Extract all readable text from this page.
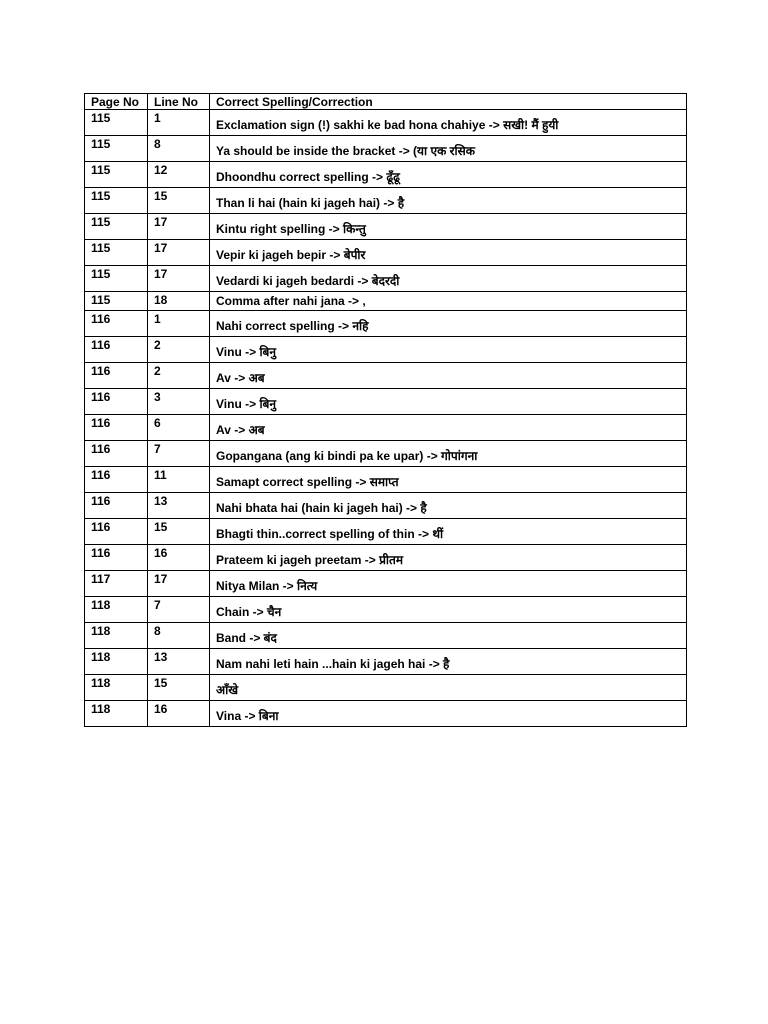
Page No	Line No	Correct Spelling/Correction
115	1	Exclamation sign (!) sakhi ke bad hona chahiye -> सखी! मैं हुयी
115	8	Ya should be inside the bracket -> (या एक रसिक
115	12	Dhoondhu correct spelling -> ढूँढू
115	15	Than li hai (hain ki jageh hai) -> है
115	17	Kintu right spelling -> किन्तु
115	17	Vepir ki jageh bepir -> बेपीर
115	17	Vedardi ki jageh bedardi -> बेदरदी
115	18	Comma after nahi jana -> ,
116	1	Nahi correct spelling -> नहि
116	2	Vinu -> बिनु
116	2	Av -> अब
116	3	Vinu -> बिनु
116	6	Av -> अब
116	7	Gopangana (ang ki bindi pa ke upar) -> गोपांगना
116	11	Samapt correct spelling -> समाप्त
116	13	Nahi bhata hai (hain ki jageh hai) -> है
116	15	Bhagti thin..correct spelling of thin -> थीं
116	16	Prateem ki jageh preetam -> प्रीतम
117	17	Nitya Milan -> नित्य
118	7	Chain -> चैन
118	8	Band -> बंद
118	13	Nam nahi leti hain ...hain ki jageh hai -> है
118	15	आँखे
118	16	Vina -> बिना
